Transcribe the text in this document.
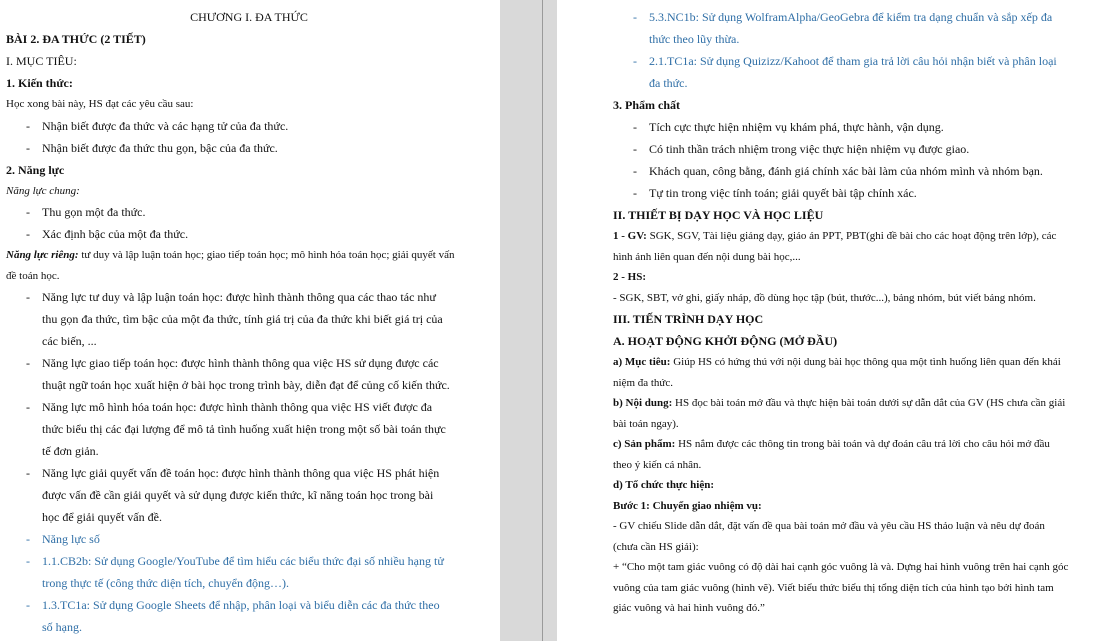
CHƯƠNG I. ĐA THỨC
BÀI 2. ĐA THỨC (2 TIẾT)
I. MỤC TIÊU:
1. Kiến thức:
Học xong bài này, HS đạt các yêu cầu sau:
- Nhận biết được đa thức và các hạng tử của đa thức.
- Nhận biết được đa thức thu gọn, bậc của đa thức.
2. Năng lực
Năng lực chung:
- Thu gọn một đa thức.
- Xác định bậc của một đa thức.
Năng lực riêng: tư duy và lập luận toán học; giao tiếp toán học; mô hình hóa toán học; giải quyết vấn
đề toán học.
- Năng lực tư duy và lập luận toán học: được hình thành thông qua các thao tác như
thu gọn đa thức, tìm bậc của một đa thức, tính giá trị của đa thức khi biết giá trị của
các biến, ...
- Năng lực giao tiếp toán học: được hình thành thông qua việc HS sử dụng được các
thuật ngữ toán học xuất hiện ở bài học trong trình bày, diễn đạt để củng cố kiến thức.
- Năng lực mô hình hóa toán học: được hình thành thông qua việc HS viết được đa
thức biểu thị các đại lượng để mô tả tình huống xuất hiện trong một số bài toán thực
tế đơn giản.
- Năng lực giải quyết vấn đề toán học: được hình thành thông qua việc HS phát hiện
được vấn đề cần giải quyết và sử dụng được kiến thức, kĩ năng toán học trong bài
học để giải quyết vấn đề.
- Năng lực số
- 1.1.CB2b: Sử dụng Google/YouTube để tìm hiểu các biểu thức đại số nhiều hạng tử
trong thực tế (công thức diện tích, chuyển động…).
- 1.3.TC1a: Sử dụng Google Sheets để nhập, phân loại và biểu diễn các đa thức theo
số hạng.
- 5.3.NC1b: Sử dụng WolframAlpha/GeoGebra để kiểm tra dạng chuẩn và sắp xếp đa
thức theo lũy thừa.
- 2.1.TC1a: Sử dụng Quizizz/Kahoot để tham gia trả lời câu hỏi nhận biết và phân loại
đa thức.
3. Phẩm chất
- Tích cực thực hiện nhiệm vụ khám phá, thực hành, vận dụng.
- Có tinh thần trách nhiệm trong việc thực hiện nhiệm vụ được giao.
- Khách quan, công bằng, đánh giá chính xác bài làm của nhóm mình và nhóm bạn.
- Tự tin trong việc tính toán; giải quyết bài tập chính xác.
II. THIẾT BỊ DẠY HỌC VÀ HỌC LIỆU
1 - GV: SGK, SGV, Tài liệu giảng dạy, giáo án PPT, PBT(ghi đề bài cho các hoạt động trên lớp), các
hình ảnh liên quan đến nội dung bài học,...
2 - HS:
- SGK, SBT, vở ghi, giấy nháp, đồ dùng học tập (bút, thước...), bảng nhóm, bút viết bảng nhóm.
III. TIẾN TRÌNH DẠY HỌC
A. HOẠT ĐỘNG KHỞI ĐỘNG (MỞ ĐẦU)
a) Mục tiêu: Giúp HS có hứng thú với nội dung bài học thông qua một tình huống liên quan đến khái
niệm đa thức.
b) Nội dung: HS đọc bài toán mở đầu và thực hiện bài toán dưới sự dẫn dắt của GV (HS chưa cần giải
bài toán ngay).
c) Sản phẩm: HS nắm được các thông tin trong bài toán và dự đoán câu trả lời cho câu hỏi mở đầu
theo ý kiến cá nhân.
d) Tổ chức thực hiện:
Bước 1: Chuyển giao nhiệm vụ:
- GV chiếu Slide dẫn dắt, đặt vấn đề qua bài toán mở đầu và yêu cầu HS thảo luận và nêu dự đoán
(chưa cần HS giải):
+ “Cho một tam giác vuông có độ dài hai cạnh góc vuông là và. Dựng hai hình vuông trên hai cạnh góc
vuông của tam giác vuông (hình vẽ). Viết biểu thức biểu thị tổng diện tích của hình tạo bởi hình tam
giác vuông và hai hình vuông đó.”
